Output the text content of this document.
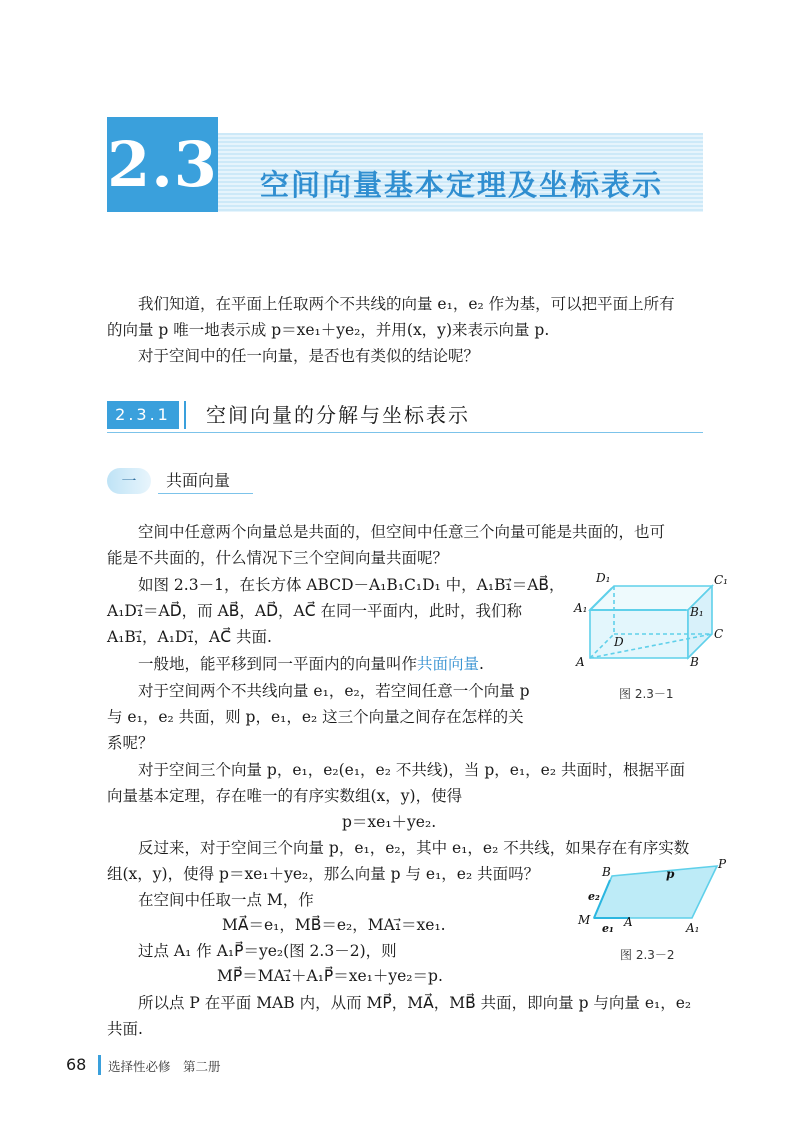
2.3 空间向量基本定理及坐标表示
我们知道，在平面上任取两个不共线的向量 e₁，e₂ 作为基，可以把平面上所有
的向量 p 唯一地表示成 p＝xe₁＋ye₂，并用(x，y)来表示向量 p.
对于空间中的任一向量，是否也有类似的结论呢？
2.3.1	空间向量的分解与坐标表示
一	共面向量
空间中任意两个向量总是共面的，但空间中任意三个向量可能是共面的，也可
能是不共面的，什么情况下三个空间向量共面呢？
如图 2.3－1，在长方体 ABCD－A₁B₁C₁D₁ 中，A₁B₁⃗＝AB⃗，
A₁D₁⃗＝AD⃗，而 AB⃗，AD⃗，AC⃗ 在同一平面内，此时，我们称
A₁B₁⃗，A₁D₁⃗，AC⃗ 共面.
一般地，能平移到同一平面内的向量叫作共面向量.
对于空间两个不共线向量 e₁，e₂，若空间任意一个向量 p
与 e₁，e₂ 共面，则 p，e₁，e₂ 这三个向量之间存在怎样的关
系呢？
对于空间三个向量 p，e₁，e₂(e₁，e₂ 不共线)，当 p，e₁，e₂ 共面时，根据平面
向量基本定理，存在唯一的有序实数组(x，y)，使得
p＝xe₁＋ye₂.
反过来，对于空间三个向量 p，e₁，e₂，其中 e₁，e₂ 不共线，如果存在有序实数
组(x，y)，使得 p＝xe₁＋ye₂，那么向量 p 与 e₁，e₂ 共面吗？
在空间中任取一点 M，作
MA⃗＝e₁，MB⃗＝e₂，MA₁⃗＝xe₁.
过点 A₁ 作 A₁P⃗＝ye₂(图 2.3－2)，则
MP⃗＝MA₁⃗＋A₁P⃗＝xe₁＋ye₂＝p.
所以点 P 在平面 MAB 内，从而 MP⃗，MA⃗，MB⃗ 共面，即向量 p 与向量 e₁，e₂
共面.
D₁	C₁
A₁	B₁
C
D
A	B
图 2.3－1
B	p
P
e₂
M
e₁ A	A₁
图 2.3－2
68 选择性必修　第二册
